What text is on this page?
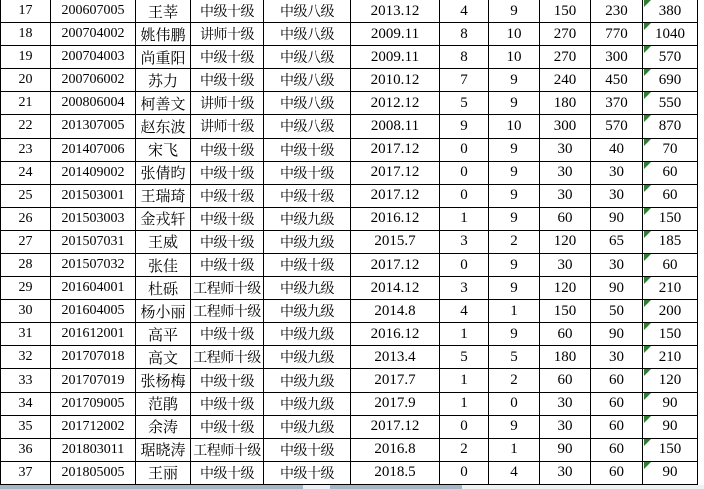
17	200607005	王莘	中级十级	中级八级	2013.12	4	9	150	230	380
18	200704002	姚伟鹏	讲师十级	中级八级	2009.11	8	10	270	770	1040
19	200704003	尚重阳	中级十级	中级八级	2009.11	8	10	270	300	570
20	200706002	苏力	中级十级	中级八级	2010.12	7	9	240	450	690
21	200806004	柯善文	讲师十级	中级八级	2012.12	5	9	180	370	550
22	201307005	赵东波	讲师十级	中级八级	2008.11	9	10	300	570	870
23	201407006	宋飞	中级十级	中级十级	2017.12	0	9	30	40	70
24	201409002	张倩昀	中级十级	中级十级	2017.12	0	9	30	30	60
25	201503001	王瑞琦	中级十级	中级十级	2017.12	0	9	30	30	60
26	201503003	金戎轩	中级十级	中级九级	2016.12	1	9	60	90	150
27	201507031	王威	中级十级	中级九级	2015.7	3	2	120	65	185
28	201507032	张佳	中级十级	中级十级	2017.12	0	9	30	30	60
29	201604001	杜砾	工程师十级	中级九级	2014.12	3	9	120	90	210
30	201604005	杨小丽	工程师十级	中级九级	2014.8	4	1	150	50	200
31	201612001	高平	中级十级	中级九级	2016.12	1	9	60	90	150
32	201707018	高文	工程师十级	中级九级	2013.4	5	5	180	30	210
33	201707019	张杨梅	中级十级	中级九级	2017.7	1	2	60	60	120
34	201709005	范鹃	中级十级	中级九级	2017.9	1	0	30	60	90
35	201712002	余涛	中级十级	中级九级	2017.12	0	9	30	60	90
36	201803011	琚晓涛	工程师十级	中级十级	2016.8	2	1	90	60	150
37	201805005	王丽	中级十级	中级十级	2018.5	0	4	30	60	90
